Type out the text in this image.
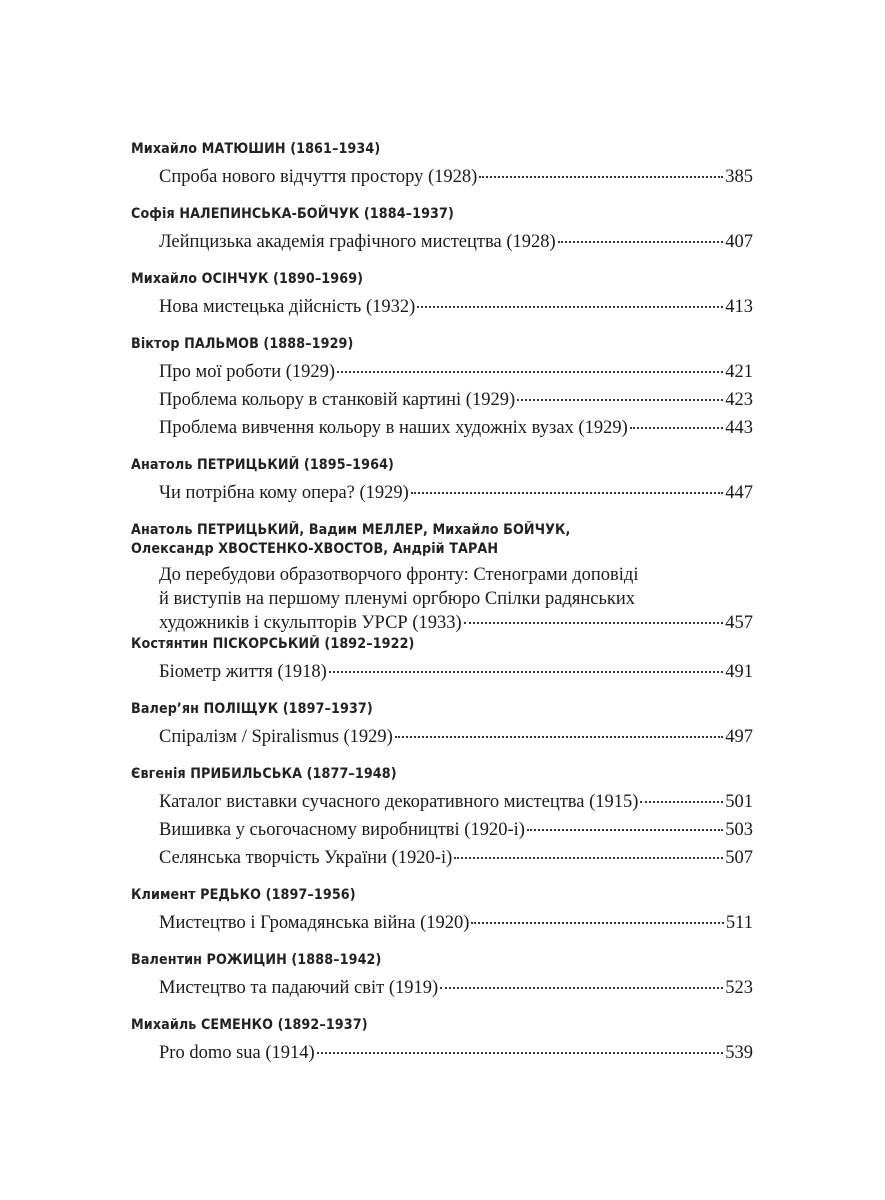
Михайло МАТЮШИН (1861–1934)
Спроба нового відчуття простору (1928)	385
Софія НАЛЕПИНСЬКА-БОЙЧУК (1884–1937)
Лейпцизька академія графічного мистецтва (1928)	407
Михайло ОСІНЧУК (1890–1969)
Нова мистецька дійсність (1932)	413
Віктор ПАЛЬМОВ (1888–1929)
Про мої роботи (1929)	421
Проблема кольору в станковій картині (1929)	423
Проблема вивчення кольору в наших художніх вузах (1929)	443
Анатоль ПЕТРИЦЬКИЙ (1895–1964)
Чи потрібна кому опера? (1929)	447
Анатоль ПЕТРИЦЬКИЙ, Вадим МЕЛЛЕР, Михайло БОЙЧУК,
Олександр ХВОСТЕНКО-ХВОСТОВ, Андрій ТАРАН
До перебудови образотворчого фронту: Стенограми доповіді
й виступів на першому пленумі оргбюро Спілки радянських
художників і скульпторів УРСР (1933)	457
Костянтин ПІСКОРСЬКИЙ (1892–1922)
Біометр життя (1918)	491
Валер’ян ПОЛІЩУК (1897–1937)
Спіралізм / Spiralismus (1929)	497
Євгенія ПРИБИЛЬСЬКА (1877–1948)
Каталог виставки сучасного декоративного мистецтва (1915)	501
Вишивка у сьогочасному виробництві (1920-і)	503
Селянська творчість України (1920-і)	507
Климент РЕДЬКО (1897–1956)
Мистецтво і Громадянська війна (1920)	511
Валентин РОЖИЦИН (1888–1942)
Мистецтво та падаючий світ (1919)	523
Михайль СЕМЕНКО (1892–1937)
Pro domo sua (1914)	539
